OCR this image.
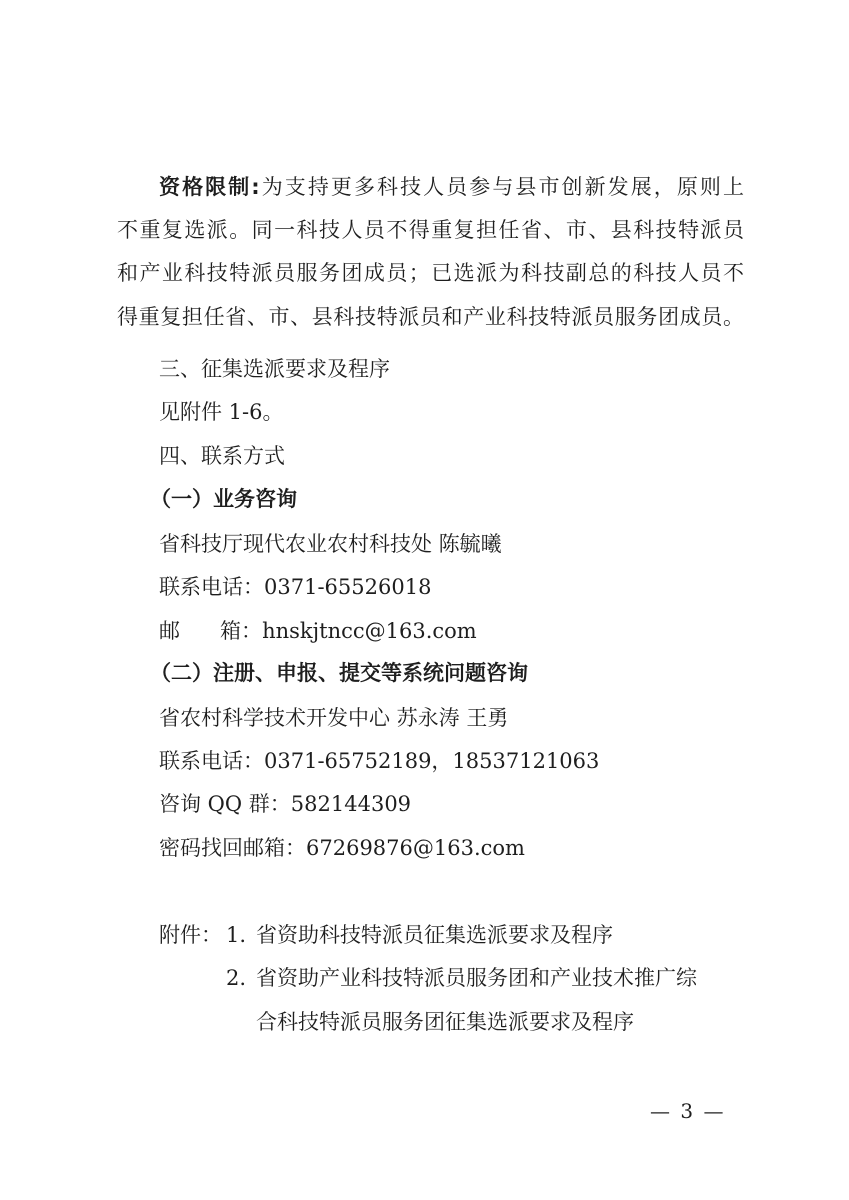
资格限制:为支持更多科技人员参与县市创新发展，原则上
不重复选派。同一科技人员不得重复担任省、市、县科技特派员
和产业科技特派员服务团成员；已选派为科技副总的科技人员不
得重复担任省、市、县科技特派员和产业科技特派员服务团成员。
三、征集选派要求及程序
见附件 1-6。
四、联系方式
（一）业务咨询
省科技厅现代农业农村科技处 陈毓曦
联系电话：0371-65526018
邮      箱：hnskjtncc@163.com
（二）注册、申报、提交等系统问题咨询
省农村科学技术开发中心 苏永涛 王勇
联系电话：0371-65752189，18537121063
咨询 QQ 群：582144309
密码找回邮箱：67269876@163.com
附件： 1. 省资助科技特派员征集选派要求及程序
2. 省资助产业科技特派员服务团和产业技术推广综
合科技特派员服务团征集选派要求及程序
— 3 —
